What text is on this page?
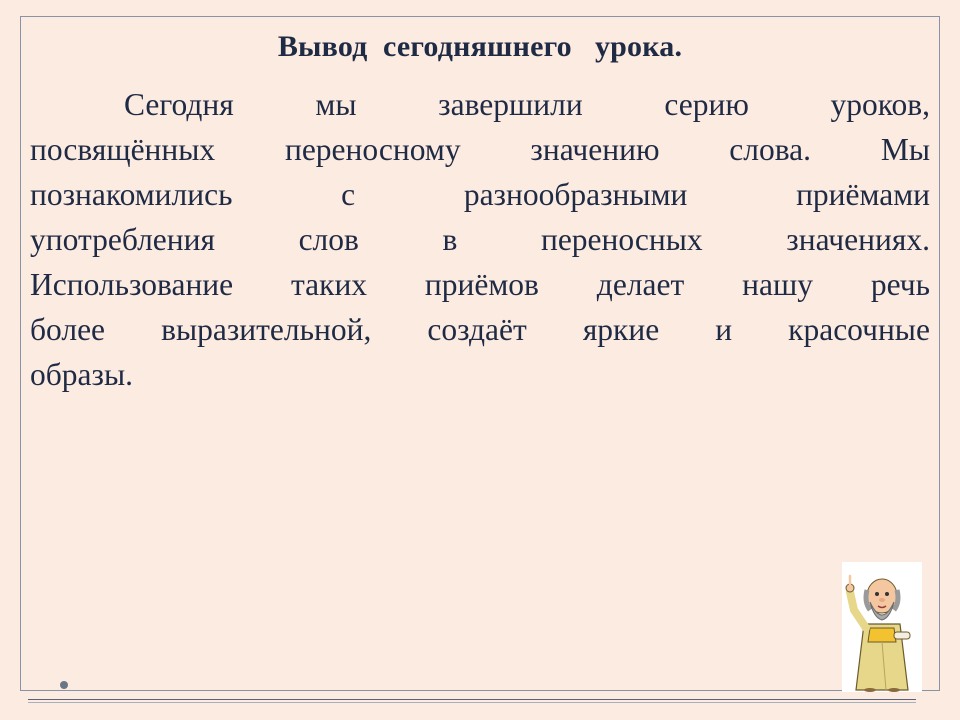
Вывод  сегодняшнего   урока.
Сегодня	мы	завершили	серию	уроков,
посвящённых переносному значению слова. Мы
познакомились	с	разнообразными	приёмами
употребления	слов	в	переносных	значениях.
Использование таких приёмов делает нашу речь
более выразительной, создаёт яркие и красочные
образы.
